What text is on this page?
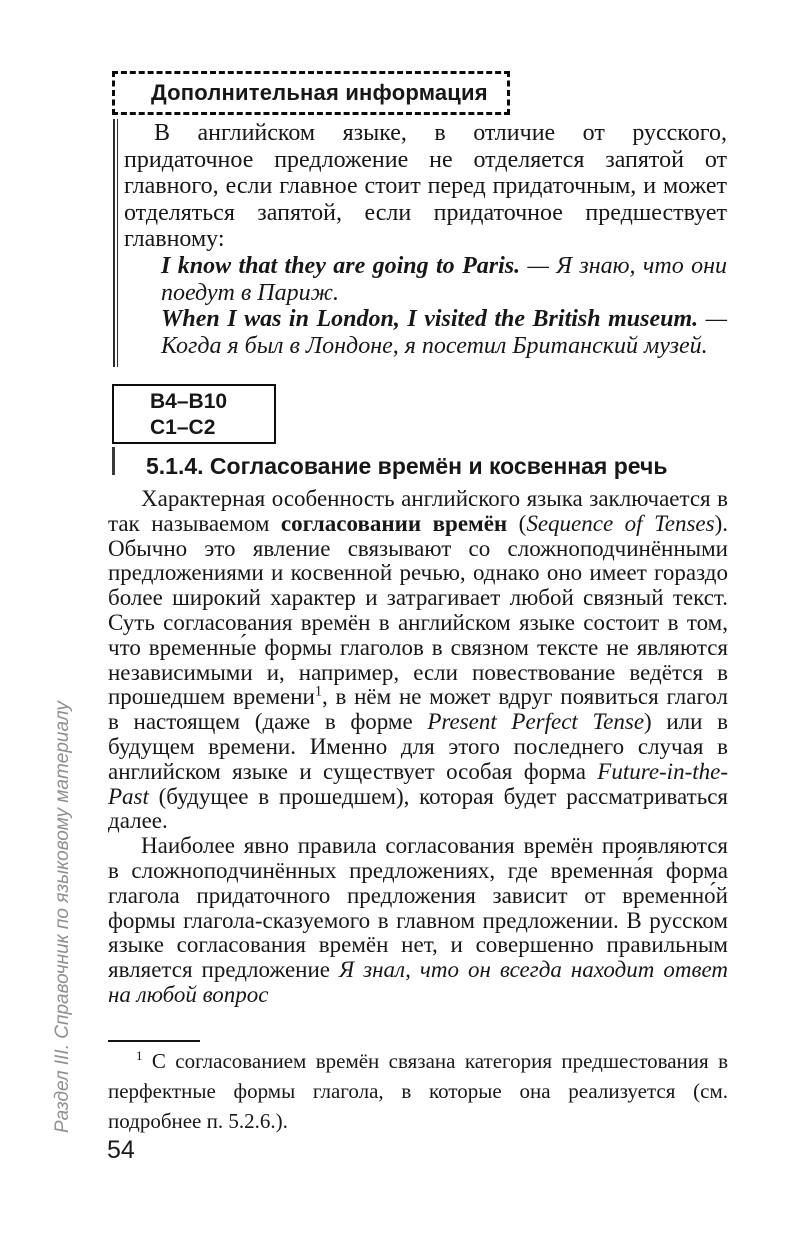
Дополнительная информация

В английском языке, в отличие от русского, придаточное предложение не отделяется запятой от главного, если главное стоит перед придаточным, и может отделяться запятой, если придаточное предшествует главному:

I know that they are going to Paris. — Я знаю, что они поедут в Париж.

When I was in London, I visited the British museum. — Когда я был в Лондоне, я посетил Британский музей.

B4–B10
C1–C2
5.1.4. Согласование времён и косвенная речь

Характерная особенность английского языка заключается в так называемом согласовании времён (Sequence of Tenses). Обычно это явление связывают со сложноподчинёнными предложениями и косвенной речью, однако оно имеет гораздо более широкий характер и затрагивает любой связный текст. Суть согласования времён в английском языке состоит в том, что временны́е формы глаголов в связном тексте не являются независимыми и, например, если повествование ведётся в прошедшем времени$^1$, в нём не может вдруг появиться глагол в настоящем (даже в форме Present Perfect Tense) или в будущем времени. Именно для этого последнего случая в английском языке и существует особая форма Future-in-the-Past (будущее в прошедшем), которая будет рассматриваться далее.

Наиболее явно правила согласования времён проявляются в сложноподчинённых предложениях, где временна́я форма глагола придаточного предложения зависит от временно́й формы глагола-сказуемого в главном предложении. В русском языке согласования времён нет, и совершенно правильным является предложение Я знал, что он всегда находит ответ на любой вопрос

$^1$ С согласованием времён связана категория предшестования в перфектные формы глагола, в которые она реализуется (см. подробнее п. 5.2.6.).

54
Раздел III. Справочник по языковому материалу
